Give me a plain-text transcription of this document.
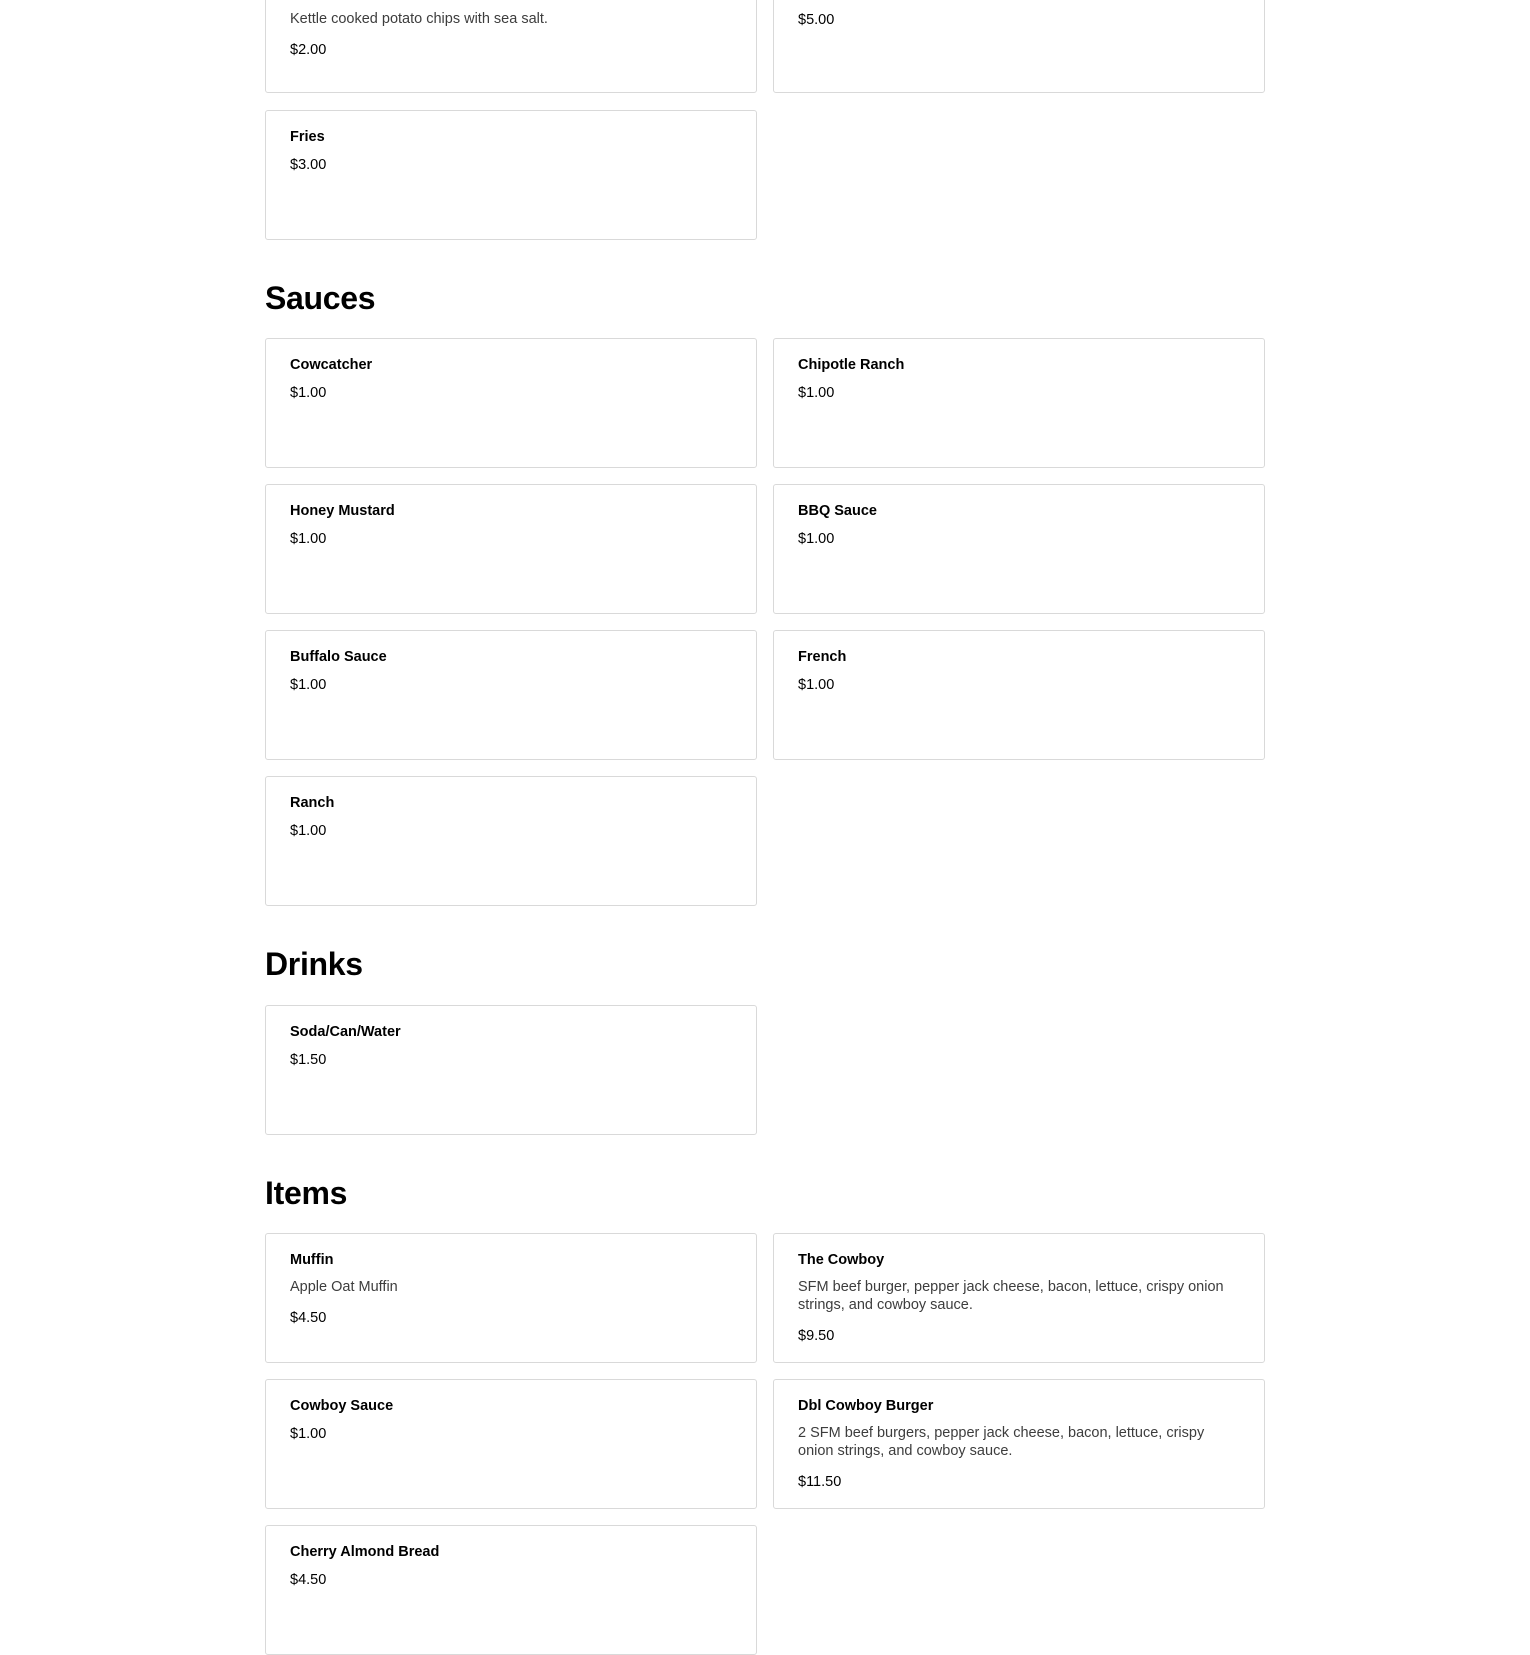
Kettle cooked potato chips with sea salt.
$2.00
$5.00
Fries
$3.00
Sauces
Cowcatcher
$1.00
Chipotle Ranch
$1.00
Honey Mustard
$1.00
BBQ Sauce
$1.00
Buffalo Sauce
$1.00
French
$1.00
Ranch
$1.00
Drinks
Soda/Can/Water
$1.50
Items
Muffin
Apple Oat Muffin
$4.50
The Cowboy
SFM beef burger, pepper jack cheese, bacon, lettuce, crispy onion strings, and cowboy sauce.
$9.50
Cowboy Sauce
$1.00
Dbl Cowboy Burger
2 SFM beef burgers, pepper jack cheese, bacon, lettuce, crispy onion strings, and cowboy sauce.
$11.50
Cherry Almond Bread
$4.50
